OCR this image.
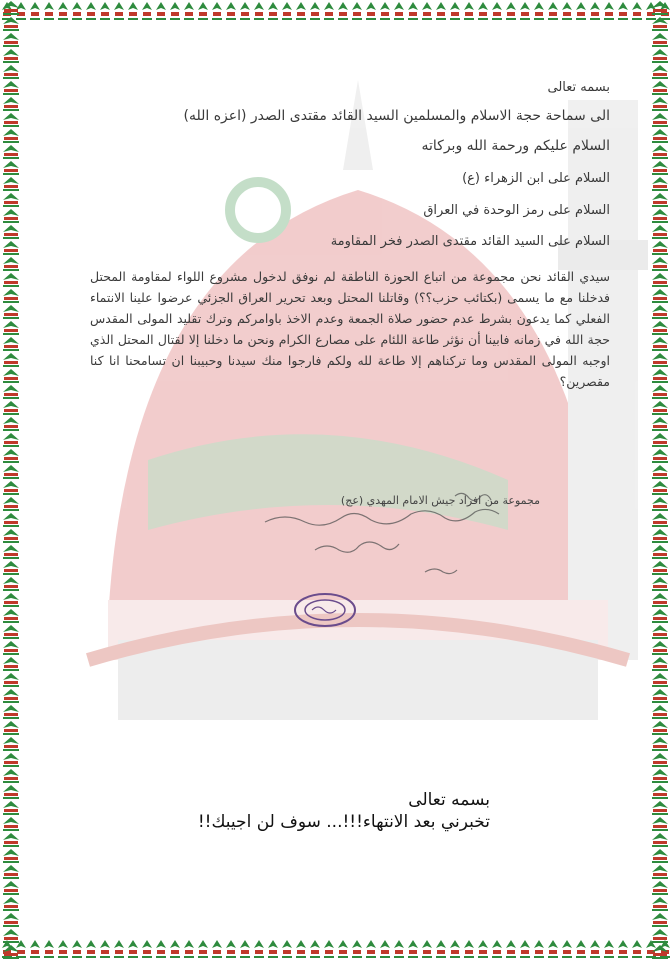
بسمه تعالى
الى سماحة حجة الاسلام والمسلمين السيد القائد مقتدى الصدر (اعزه الله)
السلام عليكم ورحمة الله وبركاته
السلام على ابن الزهراء (ع)
السلام على رمز الوحدة في العراق
السلام على السيد القائد مقتدى الصدر فخر المقاومة
سيدي القائد نحن مجموعة من اتباع الحوزة الناطقة لم نوفق لدخول مشروع اللواء لمقاومة المحتل فدخلنا مع ما يسمى (بكتائب حزب؟؟) وقاتلنا المحتل وبعد تحرير العراق الجزئي عرضوا علينا الانتماء الفعلي كما يدعون بشرط عدم حضور صلاة الجمعة وعدم الاخذ باوامركم وترك تقليد المولى المقدس حجة الله في زمانه فابينا أن نؤثر طاعة اللئام على مصارع الكرام ونحن ما دخلنا إلا لقتال المحتل الذي اوجبه المولى المقدس وما تركناهم إلا طاعة لله ولكم فارجوا منك سيدنا وحبيبنا ان تسامحنا انا كنا مقصرين؟
مجموعة من افراد جيش الامام المهدي (عج)
بسمه تعالى
تخبرني بعد الانتهاء!!!... سوف لن اجيبك!!
